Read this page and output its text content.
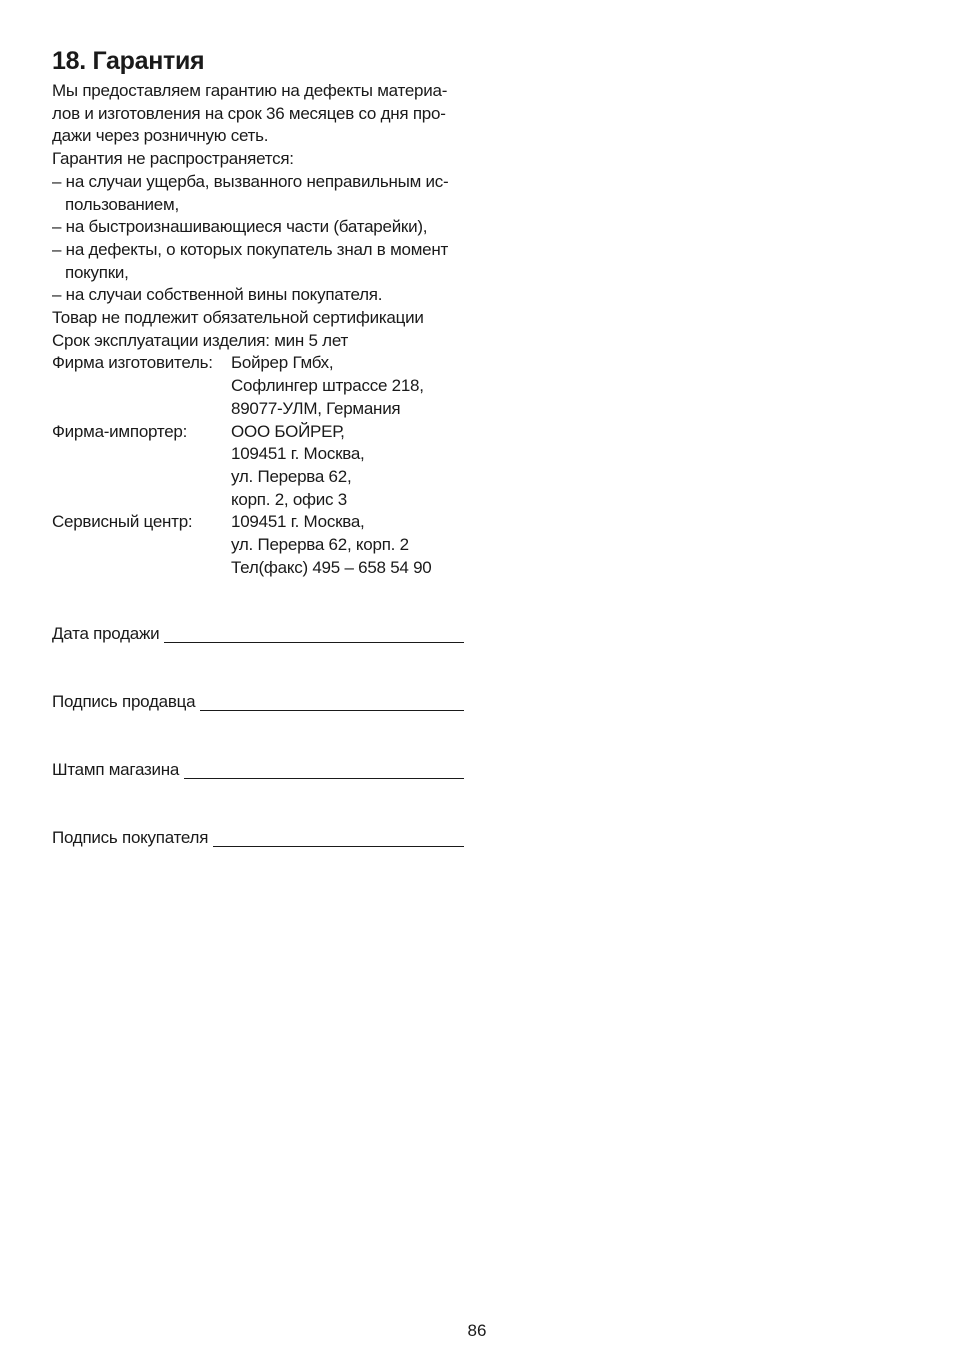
18. Гарантия

Мы предоставляем гарантию на дефекты материа-

лов и изготовления на срок 36 месяцев со дня про-

дажи через розничную сеть.

Гарантия не распространяется:

– на случаи ущерба, вызванного неправильным ис-пользованием,
– на быстроизнашивающиеся части (батарейки),
– на дефекты, о которых покупатель знал в момент покупки,
– на случаи собственной вины покупателя.

Товар не подлежит обязательной сертификации

Срок эксплуатации изделия: мин 5 лет

Фирма изготовитель:	Бойрер Гмбх,
Софлингер штрассе 218,
89077-УЛМ, Германия
Фирма-импортер:	ООО БОЙРЕР,
109451 г. Москва,
ул. Перерва 62,
корп. 2, офис 3
Сервисный центр:	109451 г. Москва,
ул. Перерва 62, корп. 2
Тел(факс) 495 – 658 54 90
Дата продажи
Подпись продавца
Штамп магазина
Подпись покупателя
86
